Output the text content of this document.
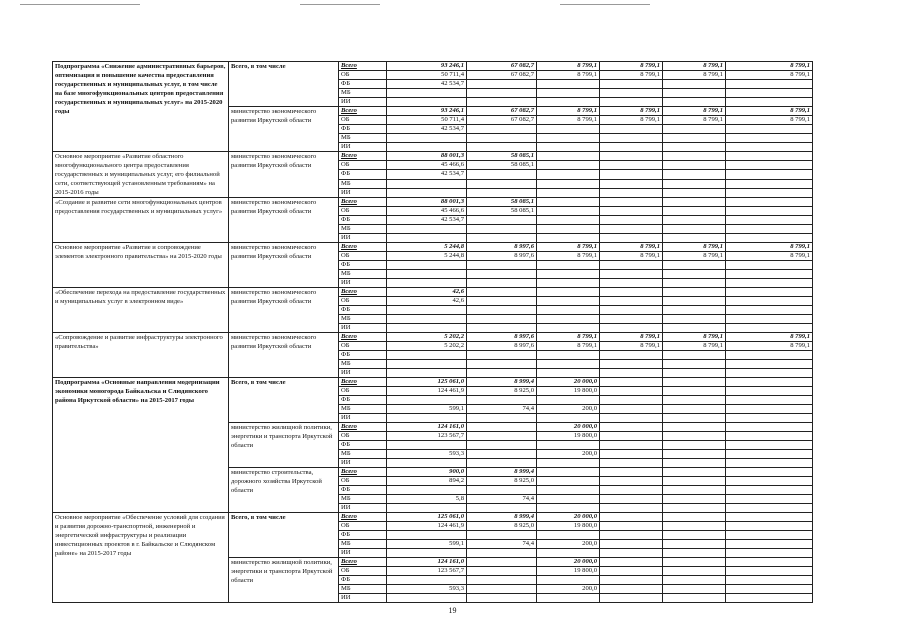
Подпрограмма «Снижение административных барьеров, оптимизация и повышение качества предоставления государственных и муниципальных услуг, в том числе на базе многофункциональных центров предоставления государственных и муниципальных услуг» на 2015-2020 годы	Всего, в том числе	Всего	93 246,1	67 082,7	8 799,1	8 799,1	8 799,1	8 799,1
		ОБ	50 711,4	67 082,7	8 799,1	8 799,1	8 799,1	8 799,1
		ФБ	42 534,7					
		МБ						
		ИИ						
	министерство экономического развития Иркутской области	Всего	93 246,1	67 082,7	8 799,1	8 799,1	8 799,1	8 799,1
		ОБ	50 711,4	67 082,7	8 799,1	8 799,1	8 799,1	8 799,1
		ФБ	42 534,7					
		МБ						
		ИИ						
Основное мероприятие «Развитие областного многофункционального центра предоставления государственных и муниципальных услуг, его филиальной сети, соответствующей установленным требованиям» на 2015-2016 годы	министерство экономического развития Иркутской области	Всего	88 001,3	58 085,1				
		ОБ	45 466,6	58 085,1				
		ФБ	42 534,7					
		МБ						
		ИИ						
«Создание и развитие сети многофункциональных центров предоставления государственных и муниципальных услуг»	министерство экономического развития Иркутской области	Всего	88 001,3	58 085,1				
		ОБ	45 466,6	58 085,1				
		ФБ	42 534,7					
		МБ						
		ИИ						
Основное мероприятие «Развитие и сопровождение элементов электронного правительства» на 2015-2020 годы	министерство экономического развития Иркутской области	Всего	5 244,8	8 997,6	8 799,1	8 799,1	8 799,1	8 799,1
		ОБ	5 244,8	8 997,6	8 799,1	8 799,1	8 799,1	8 799,1
		ФБ						
		МБ						
		ИИ						
«Обеспечение перехода на предоставление государственных и муниципальных услуг в электронном виде»	министерство экономического развития Иркутской области	Всего	42,6					
		ОБ	42,6					
		ФБ						
		МБ						
		ИИ						
«Сопровождение и развитие инфраструктуры электронного правительства»	министерство экономического развития Иркутской области	Всего	5 202,2	8 997,6	8 799,1	8 799,1	8 799,1	8 799,1
		ОБ	5 202,2	8 997,6	8 799,1	8 799,1	8 799,1	8 799,1
		ФБ						
		МБ						
		ИИ						
Подпрограмма «Основные направления модернизации экономики моногорода Байкальска и Слюдянского района Иркутской области» на 2015-2017 годы	Всего, в том числе	Всего	125 061,0	8 999,4	20 000,0			
		ОБ	124 461,9	8 925,0	19 800,0			
		ФБ						
		МБ	599,1	74,4	200,0			
		ИИ						
	министерство жилищной политики, энергетики и транспорта Иркутской области	Всего	124 161,0		20 000,0			
		ОБ	123 567,7		19 800,0			
		ФБ						
		МБ	593,3		200,0			
		ИИ						
	министерство строительства, дорожного хозяйства Иркутской области	Всего	900,0	8 999,4				
		ОБ	894,2	8 925,0				
		ФБ						
		МБ	5,8	74,4				
		ИИ						
Основное мероприятие «Обеспечение условий для создания и развития дорожно-транспортной, инженерной и энергетической инфраструктуры и реализации инвестиционных проектов в г. Байкальске и Слюдянском районе» на 2015-2017 годы	Всего, в том числе	Всего	125 061,0	8 999,4	20 000,0			
		ОБ	124 461,9	8 925,0	19 800,0			
		ФБ						
		МБ	599,1	74,4	200,0			
		ИИ						
	министерство жилищной политики, энергетики и транспорта Иркутской области	Всего	124 161,0		20 000,0			
		ОБ	123 567,7		19 800,0			
		ФБ						
		МБ	593,3		200,0			
		ИИ						
19
